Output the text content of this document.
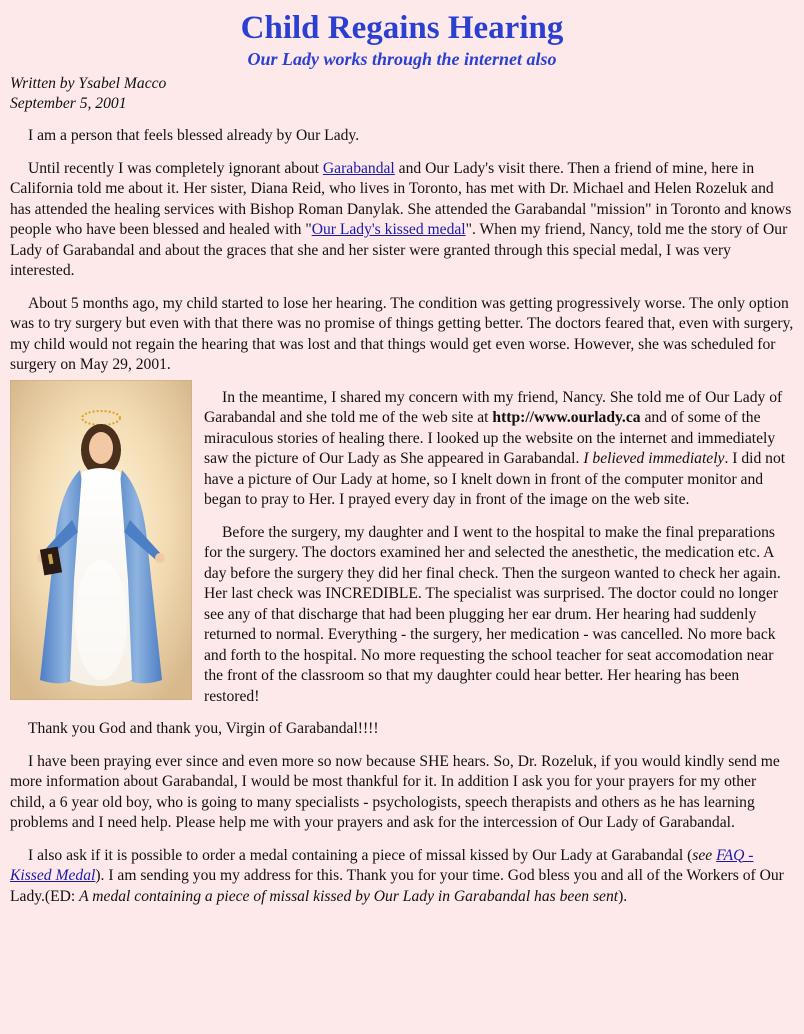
Child Regains Hearing
Our Lady works through the internet also
Written by Ysabel Macco
September 5, 2001

I am a person that feels blessed already by Our Lady.

Until recently I was completely ignorant about Garabandal and Our Lady's visit there. Then a friend of mine, here in California told me about it. Her sister, Diana Reid, who lives in Toronto, has met with Dr. Michael and Helen Rozeluk and has attended the healing services with Bishop Roman Danylak. She attended the Garabandal "mission" in Toronto and knows people who have been blessed and healed with "Our Lady's kissed medal". When my friend, Nancy, told me the story of Our Lady of Garabandal and about the graces that she and her sister were granted through this special medal, I was very interested.

About 5 months ago, my child started to lose her hearing. The condition was getting progressively worse. The only option was to try surgery but even with that there was no promise of things getting better. The doctors feared that, even with surgery, my child would not regain the hearing that was lost and that things would get even worse. However, she was scheduled for surgery on May 29, 2001.

In the meantime, I shared my concern with my friend, Nancy. She told me of Our Lady of Garabandal and she told me of the web site at http://www.ourlady.ca and of some of the miraculous stories of healing there. I looked up the website on the internet and immediately saw the picture of Our Lady as She appeared in Garabandal. I believed immediately. I did not have a picture of Our Lady at home, so I knelt down in front of the computer monitor and began to pray to Her. I prayed every day in front of the image on the web site.

Before the surgery, my daughter and I went to the hospital to make the final preparations for the surgery. The doctors examined her and selected the anesthetic, the medication etc. A day before the surgery they did her final check. Then the surgeon wanted to check her again. Her last check was INCREDIBLE. The specialist was surprised. The doctor could no longer see any of that discharge that had been plugging her ear drum. Her hearing had suddenly returned to normal. Everything - the surgery, her medication - was cancelled. No more back and forth to the hospital. No more requesting the school teacher for seat accomodation near the front of the classroom so that my daughter could hear better. Her hearing has been restored!

Thank you God and thank you, Virgin of Garabandal!!!!

I have been praying ever since and even more so now because SHE hears. So, Dr. Rozeluk, if you would kindly send me more information about Garabandal, I would be most thankful for it. In addition I ask you for your prayers for my other child, a 6 year old boy, who is going to many specialists - psychologists, speech therapists and others as he has learning problems and I need help. Please help me with your prayers and ask for the intercession of Our Lady of Garabandal.

I also ask if it is possible to order a medal containing a piece of missal kissed by Our Lady at Garabandal (see FAQ - Kissed Medal). I am sending you my address for this. Thank you for your time. God bless you and all of the Workers of Our Lady.(ED: A medal containing a piece of missal kissed by Our Lady in Garabandal has been sent).
